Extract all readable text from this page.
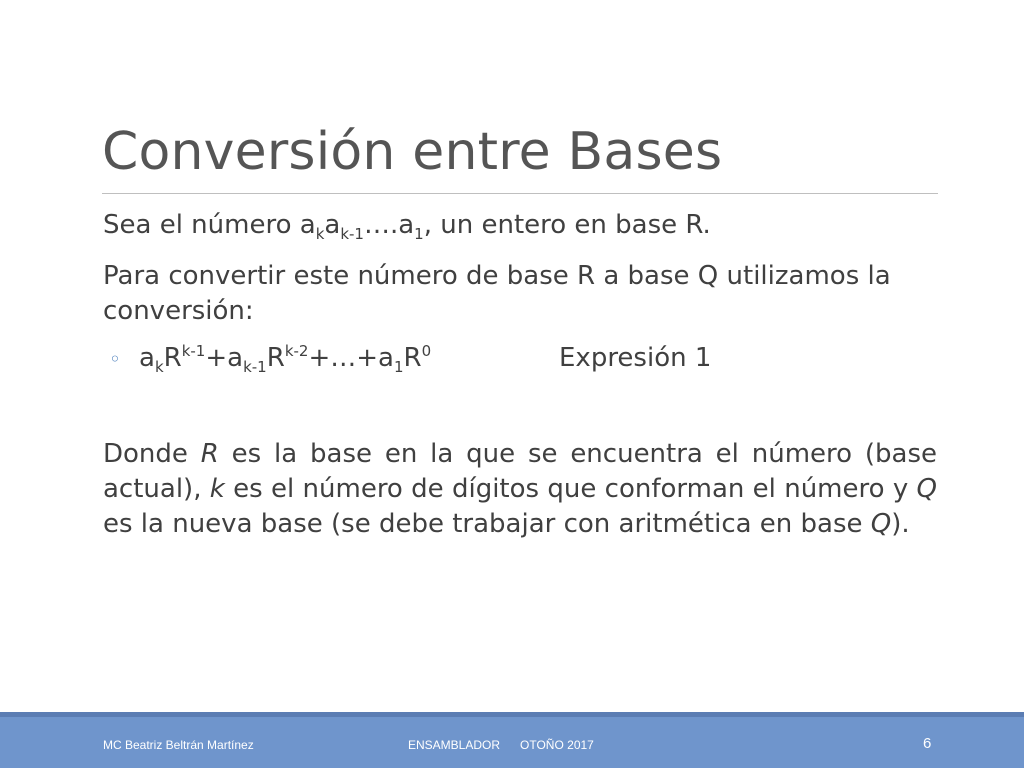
Conversión entre Bases

Sea el número $a_ka_{k-1}\dots.a_1$, un entero en base R.

Para convertir este número de base R a base Q utilizamos la conversión:

◦ $a_kR^{k-1}+a_{k-1}R^{k-2}+\dots+a_1R^0$	Expresión 1

Donde R es la base en la que se encuentra el número (base actual), k es el número de dígitos que conforman el número y Q es la nueva base (se debe trabajar con aritmética en base Q).

MC Beatriz Beltrán Martínez	ENSAMBLADOR      OTOÑO 2017	6
